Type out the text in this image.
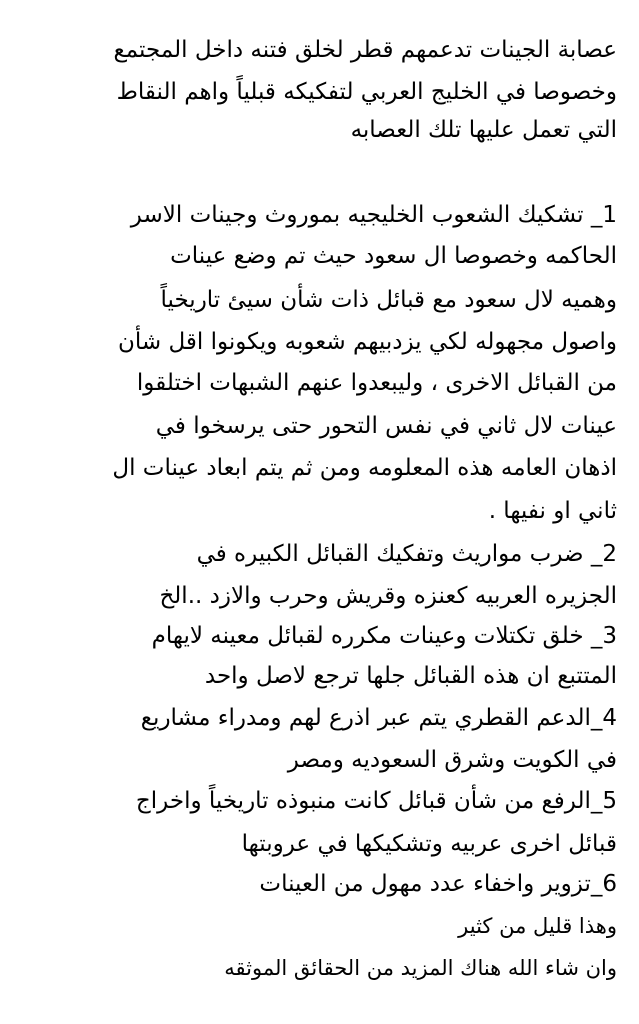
عصابة الجينات تدعمهم قطر لخلق فتنه داخل المجتمع
وخصوصا في الخليج العربي لتفكيكه قبلياً واهم النقاط
التي تعمل عليها تلك العصابه
1_ تشكيك الشعوب الخليجيه بموروث وجينات الاسر
الحاكمه وخصوصا ال سعود حيث تم وضع عينات
وهميه لال سعود مع قبائل ذات شأن سيئ تاريخياً
واصول مجهوله لكي يزدبيهم شعوبه ويكونوا اقل شأن
من القبائل الاخرى ، وليبعدوا عنهم الشبهات اختلقوا
عينات لال ثاني في نفس التحور حتى يرسخوا في
اذهان العامه هذه المعلومه ومن ثم يتم ابعاد عينات ال
ثاني او نفيها .
2_ ضرب مواريث وتفكيك القبائل الكبيره في
الجزيره العربيه كعنزه وقريش وحرب والازد ..الخ
3_ خلق تكتلات وعينات مكرره لقبائل معينه لايهام
المتتبع ان هذه القبائل جلها ترجع لاصل واحد
4_الدعم القطري يتم عبر اذرع لهم ومدراء مشاريع
في الكويت وشرق السعوديه ومصر
5_الرفع من شأن قبائل كانت منبوذه تاريخياً واخراج
قبائل اخرى عربيه وتشكيكها في عروبتها
6_تزوير واخفاء عدد مهول من العينات
وهذا قليل من كثير
وان شاء الله هناك المزيد من الحقائق الموثقه
